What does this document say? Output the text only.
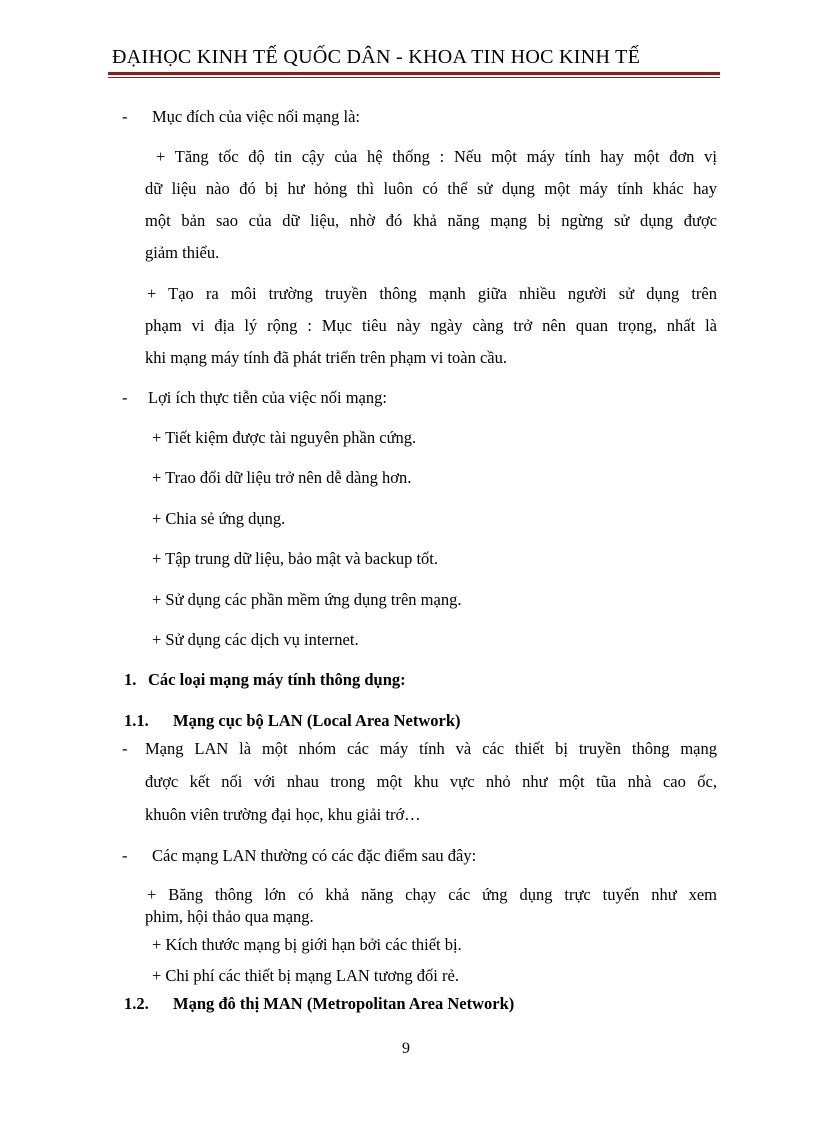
ĐẠIHỌC KINH TẾ QUỐC DÂN - KHOA TIN HOC KINH TẾ
- Mục đích của việc nối mạng là:
+ Tăng tốc độ tin cậy của hệ thống : Nếu một máy tính hay một đơn vị
dữ liệu nào đó bị hư hỏng thì luôn có thể sử dụng một máy tính khác hay
một bản sao của dữ liệu, nhờ đó khả năng mạng bị ngừng sử dụng được
giảm thiểu.
+ Tạo ra môi trường truyền thông mạnh giữa nhiều người sử dụng trên
phạm vi địa lý rộng : Mục tiêu này ngày càng trở nên quan trọng, nhất là
khi mạng máy tính đã phát triển trên phạm vi toàn cầu.
- Lợi ích thực tiễn của việc nối mạng:
+ Tiết kiệm được tài nguyên phần cứng.
+ Trao đổi dữ liệu trở nên dễ dàng hơn.
+ Chia sẻ ứng dụng.
+ Tập trung dữ liệu, bảo mật và backup tốt.
+ Sử dụng các phần mềm ứng dụng trên mạng.
+ Sử dụng các dịch vụ internet.
1. Các loại mạng máy tính thông dụng:
1.1. Mạng cục bộ LAN (Local Area Network)
- Mạng LAN là một nhóm các máy tính và các thiết bị truyền thông mạng
được kết nối với nhau trong một khu vực nhỏ như một tũa nhà cao ốc,
khuôn viên trường đại học, khu giải trớ…
- Các mạng LAN thường có các đặc điểm sau đây:
+ Băng thông lớn có khả năng chạy các ứng dụng trực tuyến như xem
phim, hội thảo qua mạng.
+ Kích thước mạng bị giới hạn bởi các thiết bị.
+ Chi phí các thiết bị mạng LAN tương đối rẻ.
1.2. Mạng đô thị MAN (Metropolitan Area Network)
9
